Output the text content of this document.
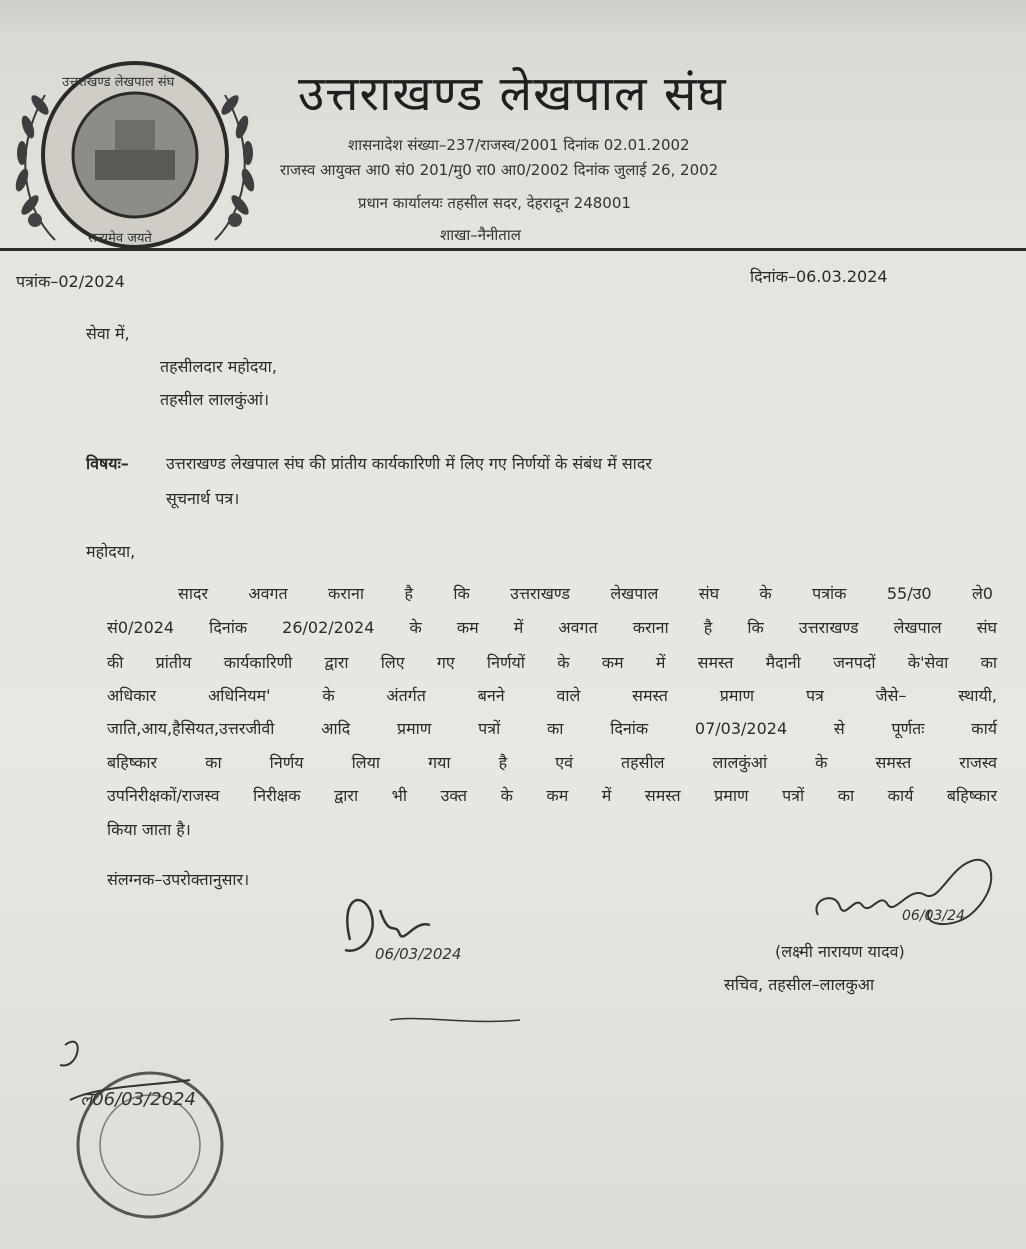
उत्तराखण्ड लेखपाल संघ
सत्यमेव जयते
उत्तराखण्ड लेखपाल संघ
शासनादेश संख्या–237/राजस्व/2001 दिनांक 02.01.2002
राजस्व आयुक्त आ0 सं0 201/मु0 रा0 आ0/2002 दिनांक जुलाई 26, 2002
प्रधान कार्यालयः तहसील सदर, देहरादून 248001
शाखा–नैनीताल
पत्रांक–02/2024	दिनांक–06.03.2024
सेवा में,
तहसीलदार महोदया,
तहसील लालकुंआं।
विषयः– उत्तराखण्ड लेखपाल संघ की प्रांतीय कार्यकारिणी में लिए गए निर्णयों के संबंध में सादर
सूचनार्थ पत्र।
महोदया,
सादर अवगत कराना है कि उत्तराखण्ड लेखपाल संघ के पत्रांक 55/उ0 ले0
सं0/2024 दिनांक 26/02/2024 के कम में अवगत कराना है कि उत्तराखण्ड लेखपाल संघ
की प्रांतीय कार्यकारिणी द्वारा लिए गए निर्णयों के कम में समस्त मैदानी जनपदों के'सेवा का
अधिकार अधिनियम' के अंतर्गत बनने वाले समस्त प्रमाण पत्र जैसे– स्थायी,
जाति,आय,हैसियत,उत्तरजीवी आदि प्रमाण पत्रों का दिनांक 07/03/2024 से पूर्णतः कार्य
बहिष्कार का निर्णय लिया गया है एवं तहसील लालकुंआं के समस्त राजस्व
उपनिरीक्षकों/राजस्व निरीक्षक द्वारा भी उक्त के कम में समस्त प्रमाण पत्रों का कार्य बहिष्कार
किया जाता है।
संलग्नक–उपरोक्तानुसार।
06/03/24
(लक्ष्मी नारायण यादव)
सचिव, तहसील–लालकुआ
06/03/2024
ल06/03/2024
